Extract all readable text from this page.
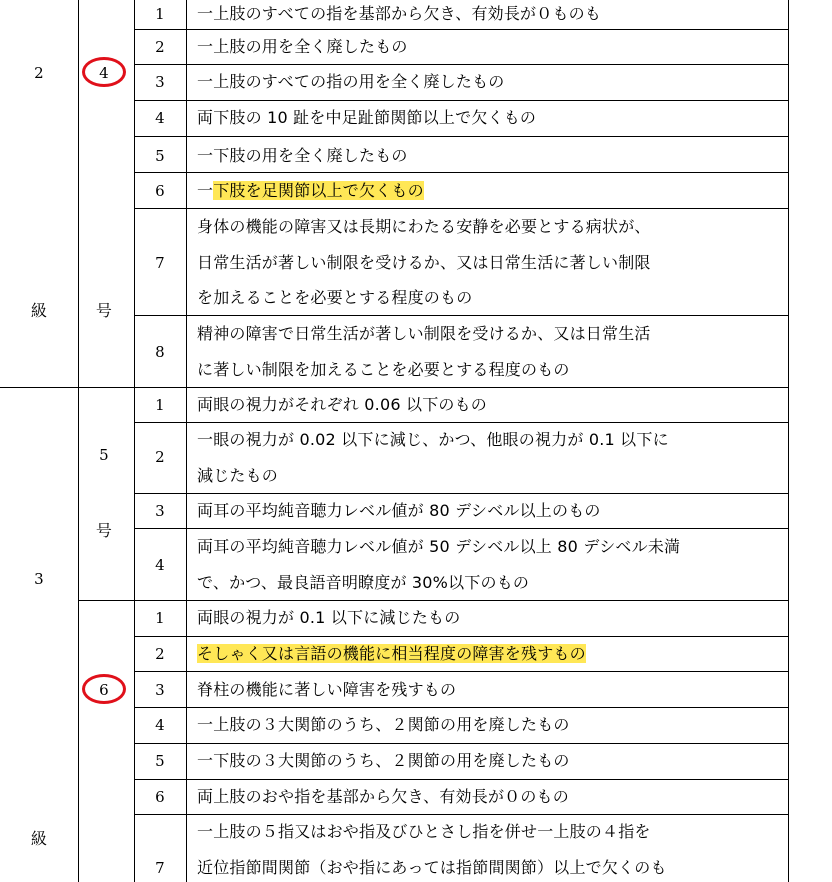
2
級
3
級
4
号
5
号
6
1 一上肢のすべての指を基部から欠き、有効長が０ものも
2 一上肢の用を全く廃したもの
3 一上肢のすべての指の用を全く廃したもの
4 両下肢の 10 趾を中足趾節関節以上で欠くもの
5 一下肢の用を全く廃したもの
6 一下肢を足関節以上で欠くもの
7
身体の機能の障害又は長期にわたる安静を必要とする病状が、
日常生活が著しい制限を受けるか、又は日常生活に著しい制限
を加えることを必要とする程度のもの
8
精神の障害で日常生活が著しい制限を受けるか、又は日常生活
に著しい制限を加えることを必要とする程度のもの
1 両眼の視力がそれぞれ 0.06 以下のもの
2
一眼の視力が 0.02 以下に減じ、かつ、他眼の視力が 0.1 以下に
減じたもの
3 両耳の平均純音聴力レベル値が 80 デシベル以上のもの
4
両耳の平均純音聴力レベル値が 50 デシベル以上 80 デシベル未満
で、かつ、最良語音明瞭度が 30%以下のもの
1 両眼の視力が 0.1 以下に減じたもの
2 そしゃく又は言語の機能に相当程度の障害を残すもの
3 脊柱の機能に著しい障害を残すもの
4 一上肢の３大関節のうち、２関節の用を廃したもの
5 一下肢の３大関節のうち、２関節の用を廃したもの
6 両上肢のおや指を基部から欠き、有効長が０のもの
7
一上肢の５指又はおや指及びひとさし指を併せ一上肢の４指を
近位指節間関節（おや指にあっては指節間関節）以上で欠くのも
